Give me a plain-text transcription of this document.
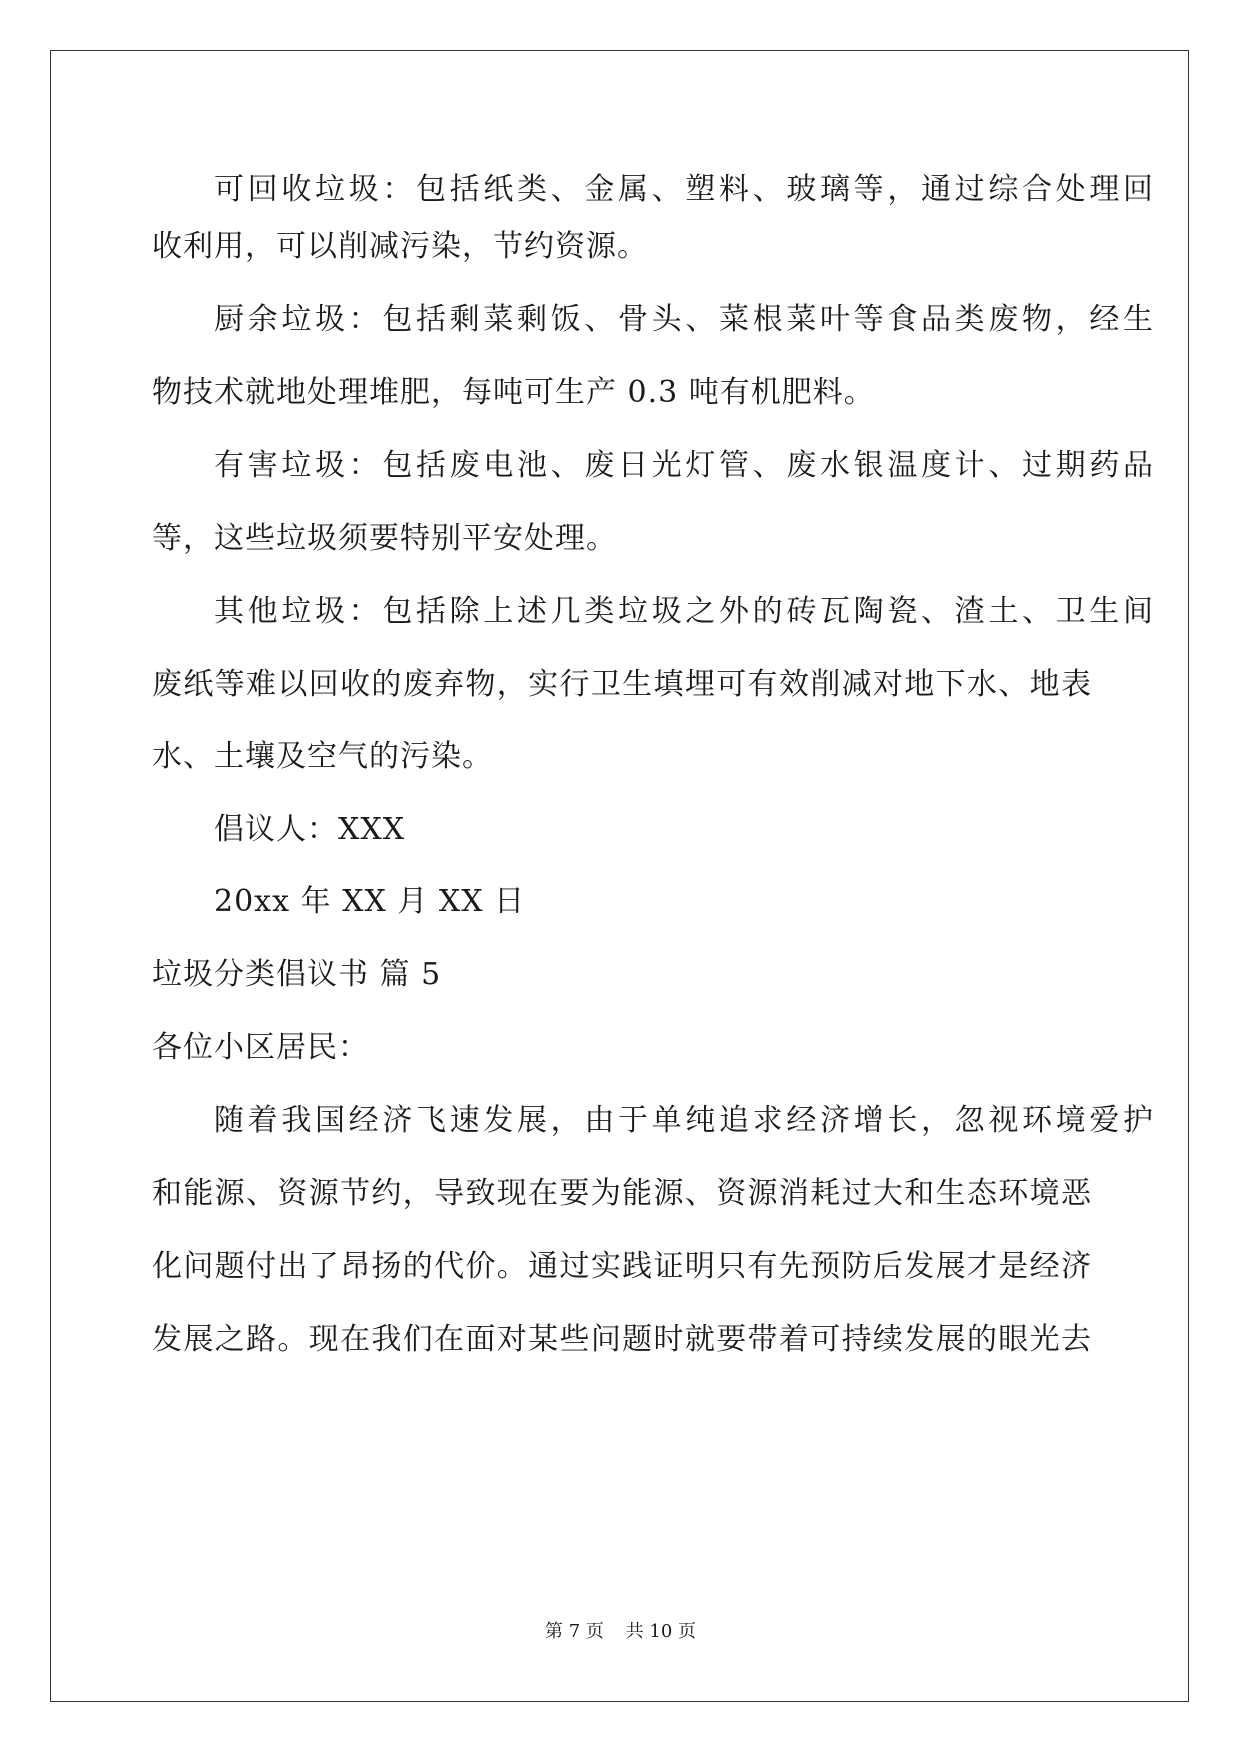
可回收垃圾：包括纸类、金属、塑料、玻璃等，通过综合处理回
收利用，可以削减污染，节约资源。
厨余垃圾：包括剩菜剩饭、骨头、菜根菜叶等食品类废物，经生
物技术就地处理堆肥，每吨可生产 0.3 吨有机肥料。
有害垃圾：包括废电池、废日光灯管、废水银温度计、过期药品
等，这些垃圾须要特别平安处理。
其他垃圾：包括除上述几类垃圾之外的砖瓦陶瓷、渣土、卫生间
废纸等难以回收的废弃物，实行卫生填埋可有效削减对地下水、地表
水、土壤及空气的污染。
倡议人：XXX
20xx 年 XX 月 XX 日
垃圾分类倡议书 篇 5
各位小区居民：
随着我国经济飞速发展，由于单纯追求经济增长，忽视环境爱护
和能源、资源节约，导致现在要为能源、资源消耗过大和生态环境恶
化问题付出了昂扬的代价。通过实践证明只有先预防后发展才是经济
发展之路。现在我们在面对某些问题时就要带着可持续发展的眼光去
第 7 页 共 10 页
